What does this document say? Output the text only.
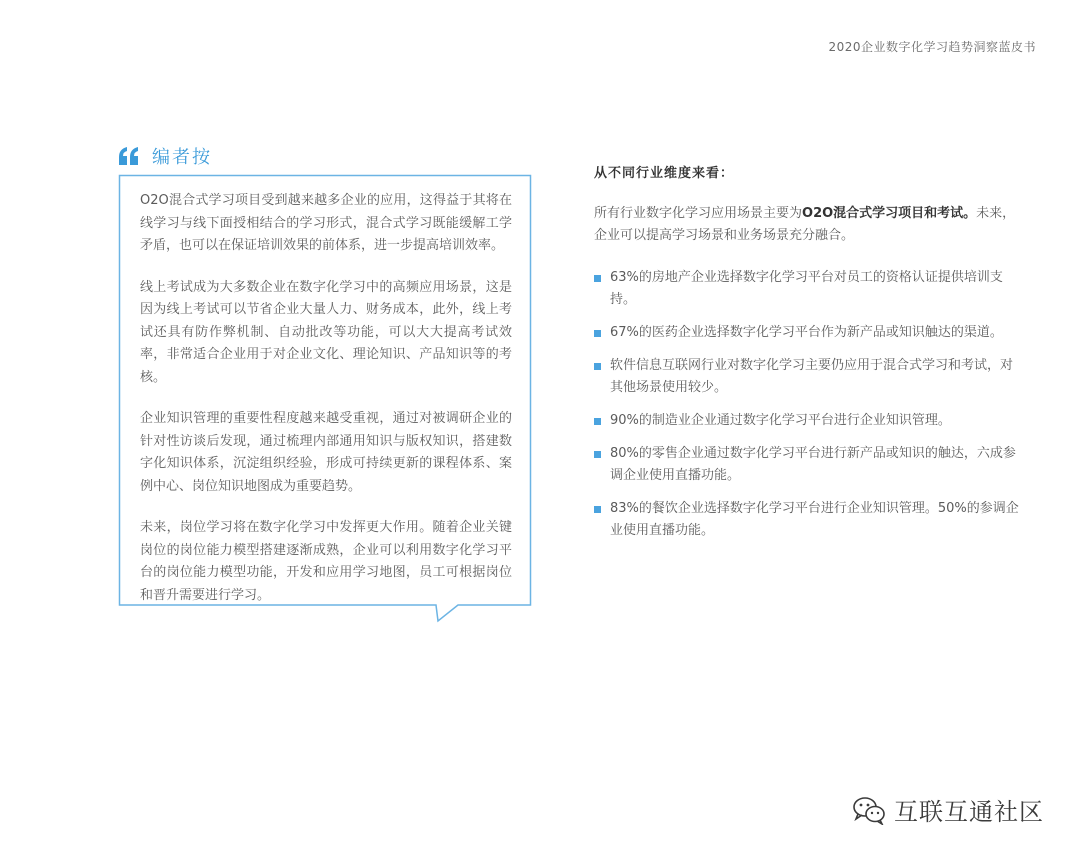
2020企业数字化学习趋势洞察蓝皮书
编者按

O2O混合式学习项目受到越来越多企业的应用，这得益于其将在线学习与线下面授相结合的学习形式，混合式学习既能缓解工学矛盾，也可以在保证培训效果的前体系，进一步提高培训效率。

线上考试成为大多数企业在数字化学习中的高频应用场景，这是因为线上考试可以节省企业大量人力、财务成本，此外，线上考试还具有防作弊机制、自动批改等功能，可以大大提高考试效率，非常适合企业用于对企业文化、理论知识、产品知识等的考核。

企业知识管理的重要性程度越来越受重视，通过对被调研企业的针对性访谈后发现，通过梳理内部通用知识与版权知识，搭建数字化知识体系，沉淀组织经验，形成可持续更新的课程体系、案例中心、岗位知识地图成为重要趋势。

未来，岗位学习将在数字化学习中发挥更大作用。随着企业关键岗位的岗位能力模型搭建逐渐成熟，企业可以利用数字化学习平台的岗位能力模型功能，开发和应用学习地图，员工可根据岗位和晋升需要进行学习。

从不同行业维度来看：
所有行业数字化学习应用场景主要为O2O混合式学习项目和考试。未来，企业可以提高学习场景和业务场景充分融合。
63%的房地产企业选择数字化学习平台对员工的资格认证提供培训支持。
67%的医药企业选择数字化学习平台作为新产品或知识触达的渠道。
软件信息互联网行业对数字化学习主要仍应用于混合式学习和考试，对其他场景使用较少。
90%的制造业企业通过数字化学习平台进行企业知识管理。
80%的零售企业通过数字化学习平台进行新产品或知识的触达，六成参调企业使用直播功能。
83%的餐饮企业选择数字化学习平台进行企业知识管理。50%的参调企业使用直播功能。
互联互通社区
